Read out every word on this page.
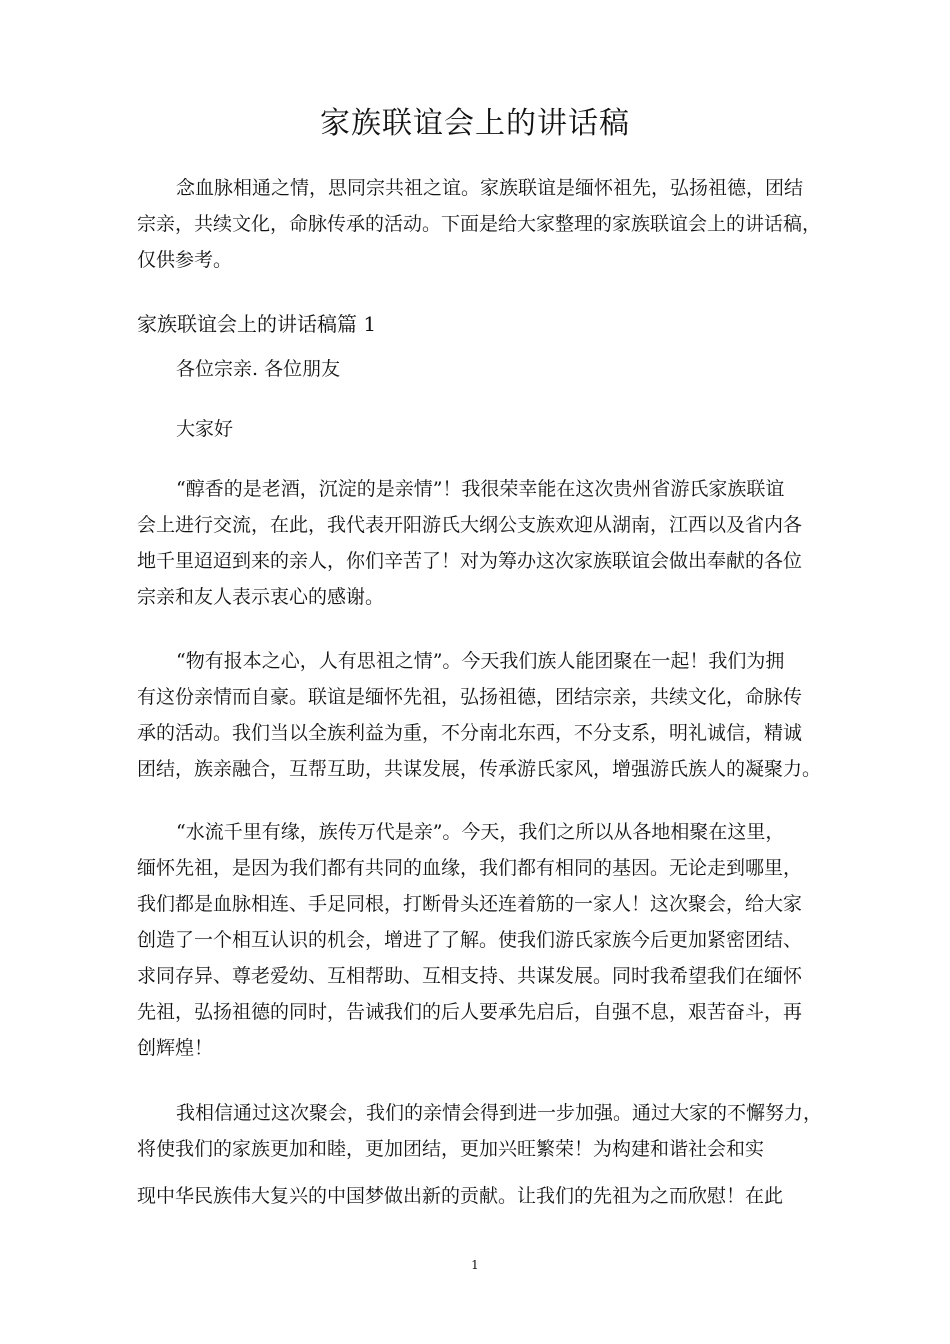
家族联谊会上的讲话稿
念血脉相通之情，思同宗共祖之谊。家族联谊是缅怀祖先，弘扬祖德，团结
宗亲，共续文化，命脉传承的活动。下面是给大家整理的家族联谊会上的讲话稿，
仅供参考。
家族联谊会上的讲话稿篇 1
各位宗亲. 各位朋友
大家好
“醇香的是老酒，沉淀的是亲情”！我很荣幸能在这次贵州省游氏家族联谊
会上进行交流，在此，我代表开阳游氏大纲公支族欢迎从湖南，江西以及省内各
地千里迢迢到来的亲人，你们辛苦了！对为筹办这次家族联谊会做出奉献的各位
宗亲和友人表示衷心的感谢。
“物有报本之心，人有思祖之情”。今天我们族人能团聚在一起！我们为拥
有这份亲情而自豪。联谊是缅怀先祖，弘扬祖德，团结宗亲，共续文化，命脉传
承的活动。我们当以全族利益为重，不分南北东西，不分支系，明礼诚信，精诚
团结，族亲融合，互帮互助，共谋发展，传承游氏家风，增强游氏族人的凝聚力。
“水流千里有缘，族传万代是亲”。今天，我们之所以从各地相聚在这里，
缅怀先祖，是因为我们都有共同的血缘，我们都有相同的基因。无论走到哪里，
我们都是血脉相连、手足同根，打断骨头还连着筋的一家人！这次聚会，给大家
创造了一个相互认识的机会，增进了了解。使我们游氏家族今后更加紧密团结、
求同存异、尊老爱幼、互相帮助、互相支持、共谋发展。同时我希望我们在缅怀
先祖，弘扬祖德的同时，告诫我们的后人要承先启后，自强不息，艰苦奋斗，再
创辉煌！
我相信通过这次聚会，我们的亲情会得到进一步加强。通过大家的不懈努力，
将使我们的家族更加和睦，更加团结，更加兴旺繁荣！为构建和谐社会和实
现中华民族伟大复兴的中国梦做出新的贡献。让我们的先祖为之而欣慰！在此
1
